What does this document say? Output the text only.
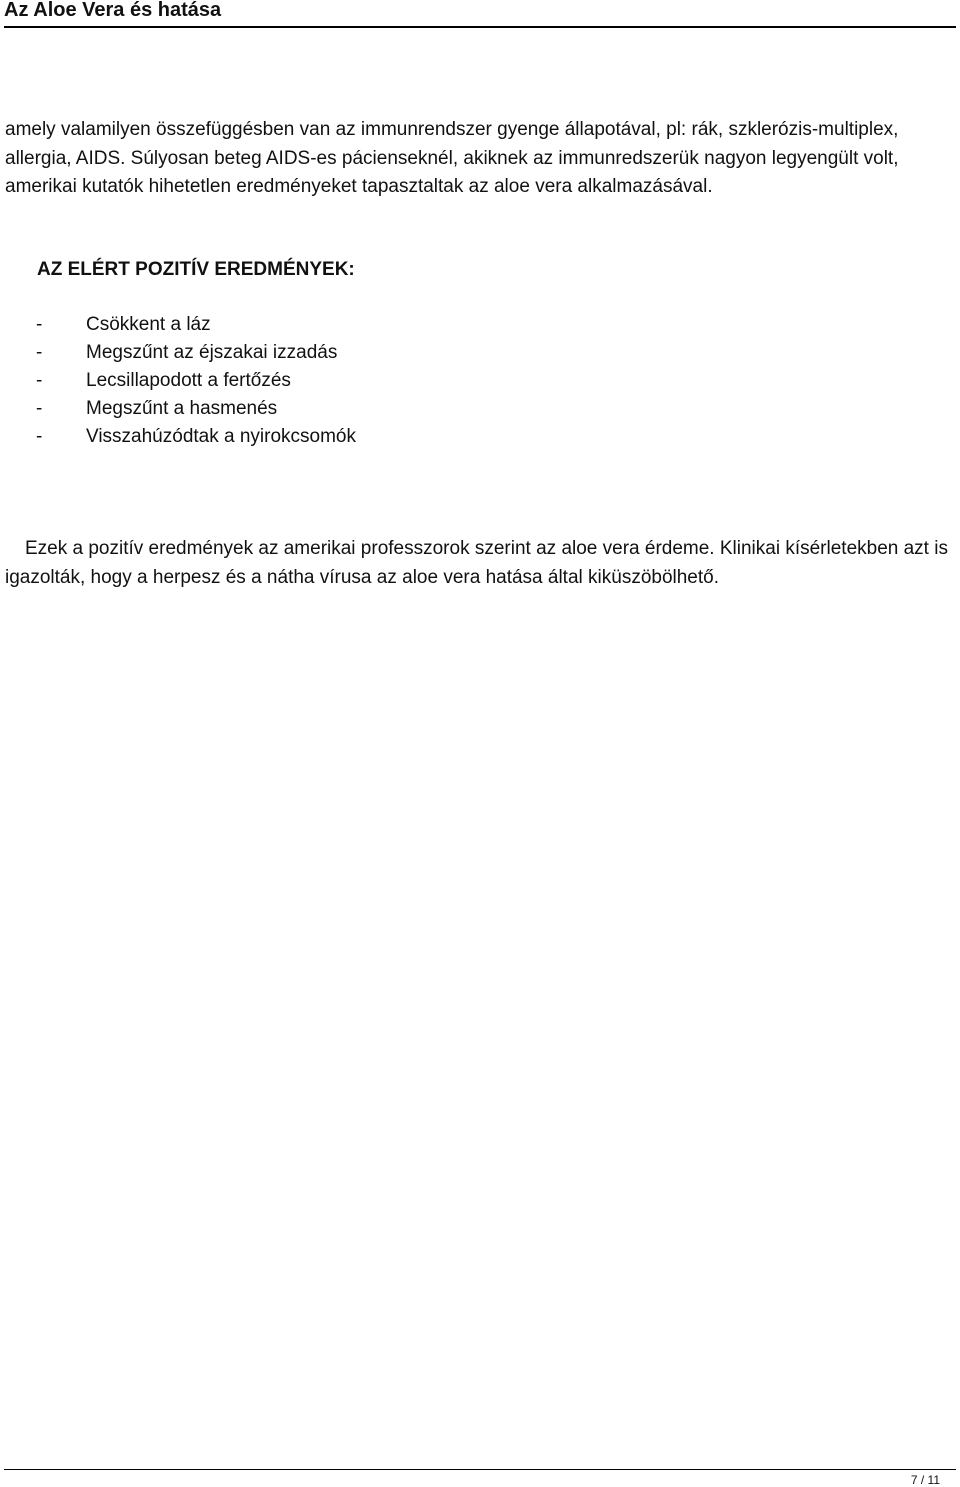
Az Aloe Vera és hatása

amely valamilyen összefüggésben van az immunrendszer gyenge állapotával, pl: rák, szklerózis-multiplex, allergia, AIDS. Súlyosan beteg AIDS-es pácienseknél, akiknek az immunredszerük nagyon legyengült volt, amerikai kutatók hihetetlen eredményeket tapasztaltak az aloe vera alkalmazásával.

AZ ELÉRT POZITÍV EREDMÉNYEK:
- Csökkent a láz
- Megszűnt az éjszakai izzadás
- Lecsillapodott a fertőzés
- Megszűnt a hasmenés
- Visszahúzódtak a nyirokcsomók

Ezek a pozitív eredmények az amerikai professzorok szerint az aloe vera érdeme. Klinikai kísérletekben azt is igazolták, hogy a herpesz és a nátha vírusa az aloe vera hatása által kiküszöbölhető.

7 / 11
